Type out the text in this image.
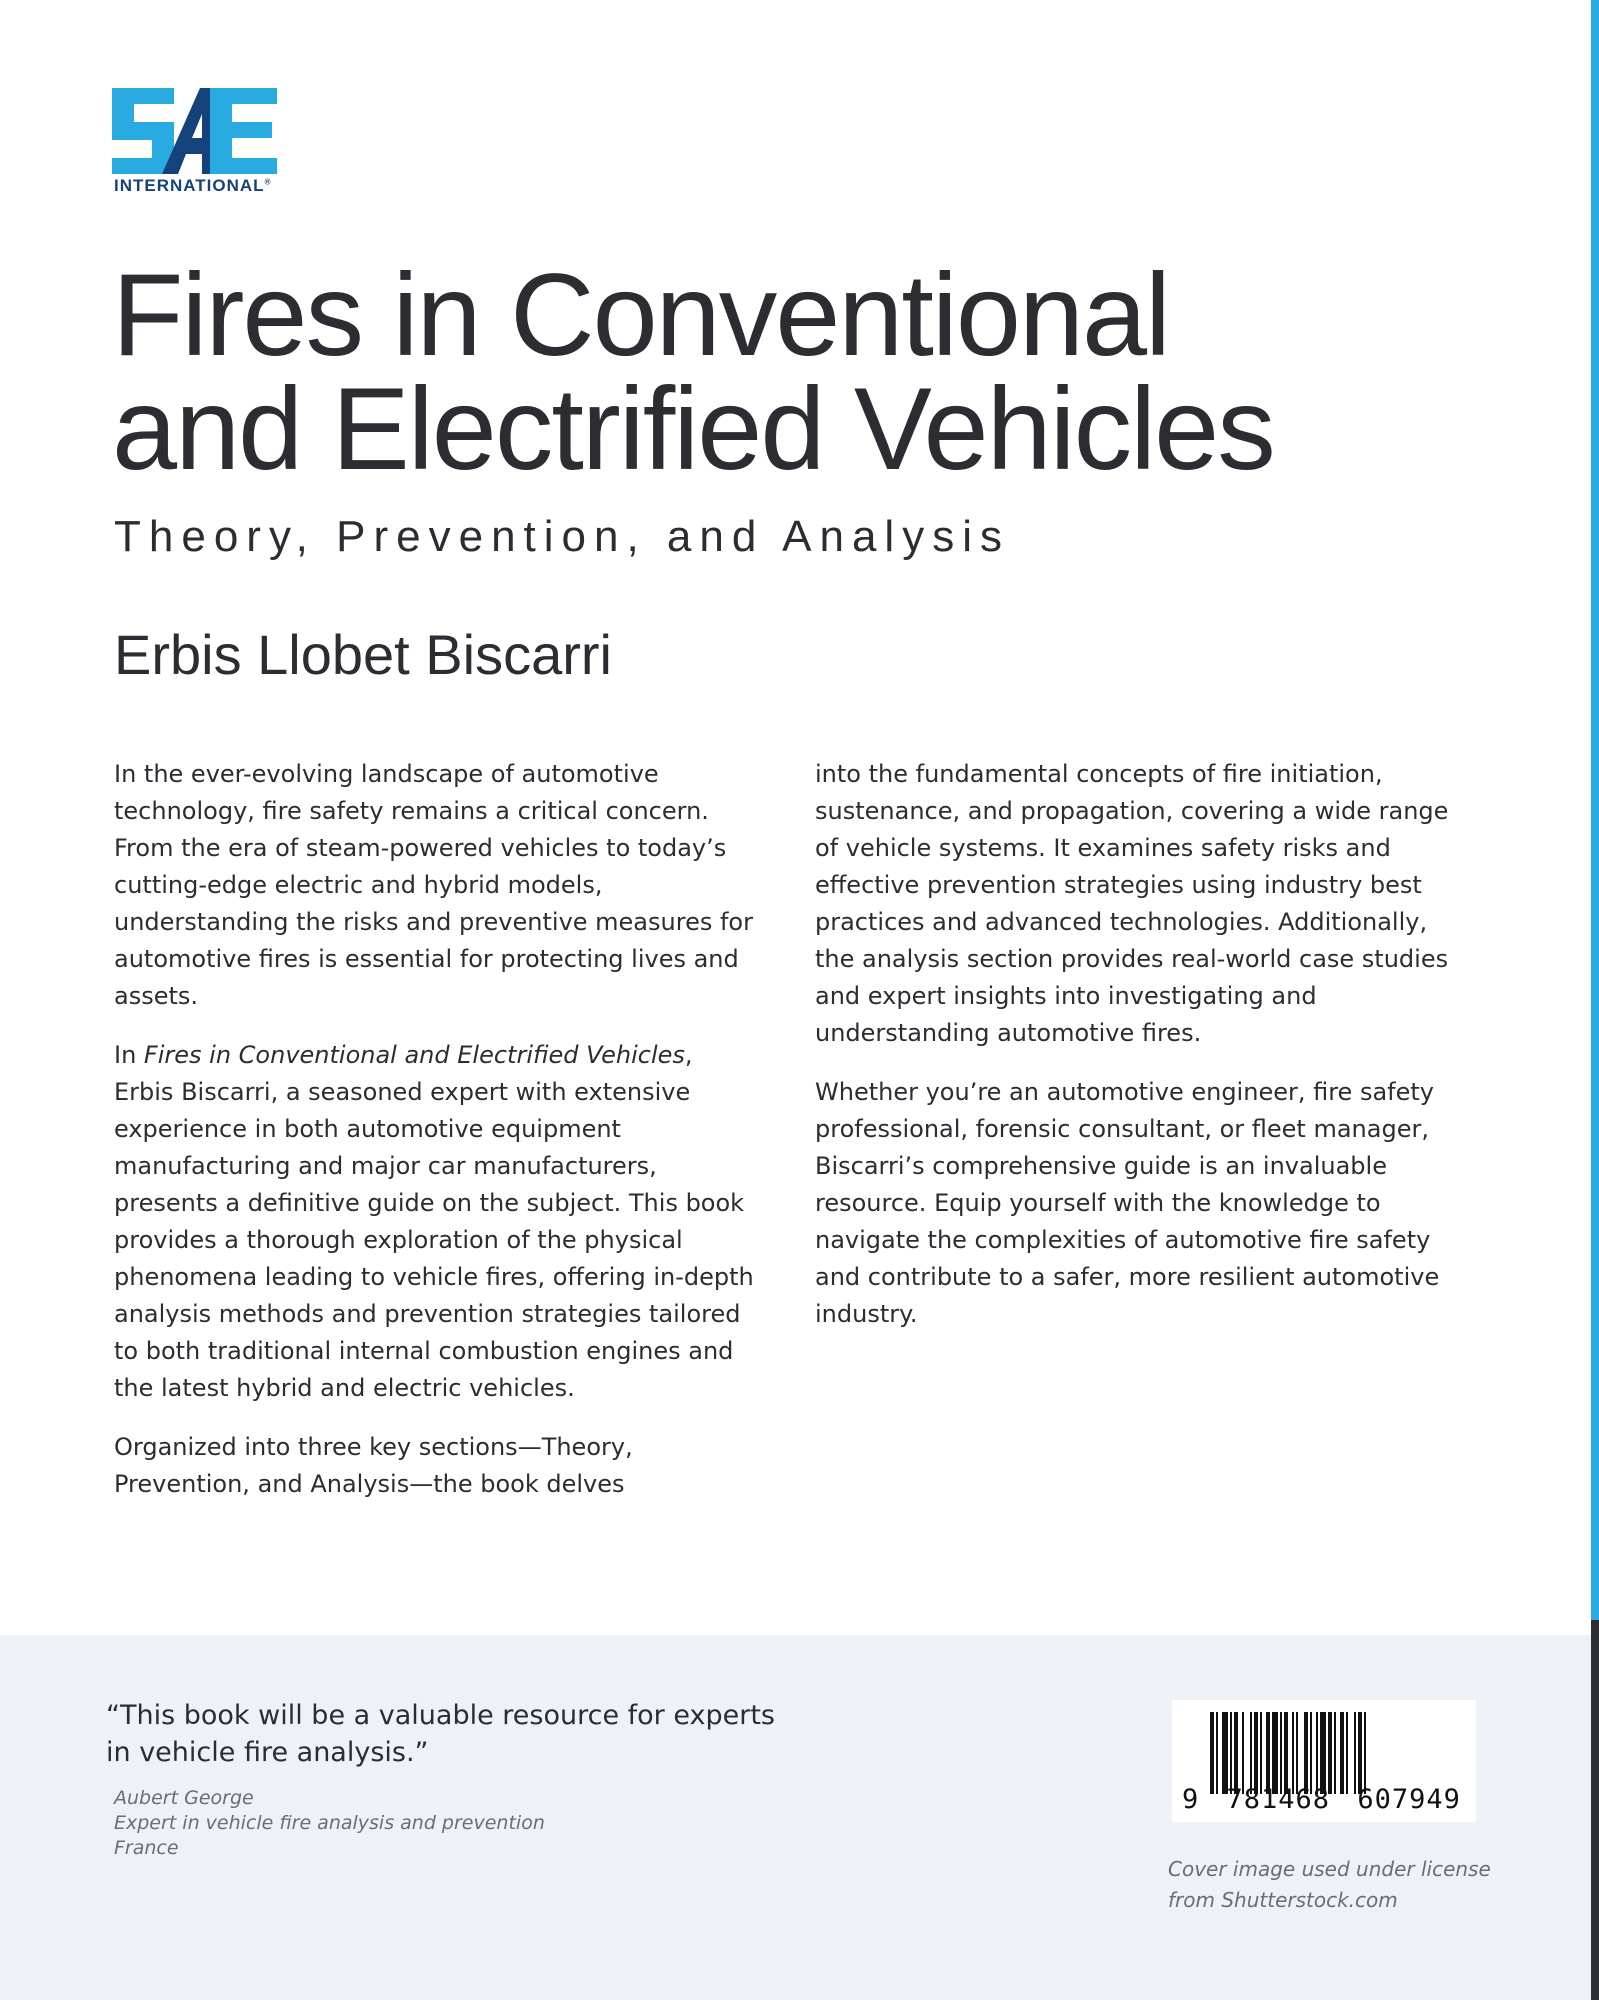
INTERNATIONAL®
Fires in Conventional
and Electrified Vehicles
Theory, Prevention, and Analysis
Erbis Llobet Biscarri

In the ever-evolving landscape of automotive technology, fire safety remains a critical concern. From the era of steam-powered vehicles to today’s cutting-edge electric and hybrid models, understanding the risks and preventive measures for automotive fires is essential for protecting lives and assets.

In Fires in Conventional and Electrified Vehicles, Erbis Biscarri, a seasoned expert with extensive experience in both automotive equipment manufacturing and major car manufacturers, presents a definitive guide on the subject. This book provides a thorough exploration of the physical phenomena leading to vehicle fires, offering in-depth analysis methods and prevention strategies tailored to both traditional internal combustion engines and the latest hybrid and electric vehicles.

Organized into three key sections—Theory, Prevention, and Analysis—the book delves

into the fundamental concepts of fire initiation, sustenance, and propagation, covering a wide range of vehicle systems. It examines safety risks and effective prevention strategies using industry best practices and advanced technologies. Additionally, the analysis section provides real-world case studies and expert insights into investigating and understanding automotive fires.

Whether you’re an automotive engineer, fire safety professional, forensic consultant, or fleet manager, Biscarri’s comprehensive guide is an invaluable resource. Equip yourself with the knowledge to navigate the complexities of automotive fire safety and contribute to a safer, more resilient automotive industry.

“This book will be a valuable resource for experts in vehicle fire analysis.”
Aubert George
Expert in vehicle fire analysis and prevention
France
9 781468 607949
Cover image used under license
from Shutterstock.com
